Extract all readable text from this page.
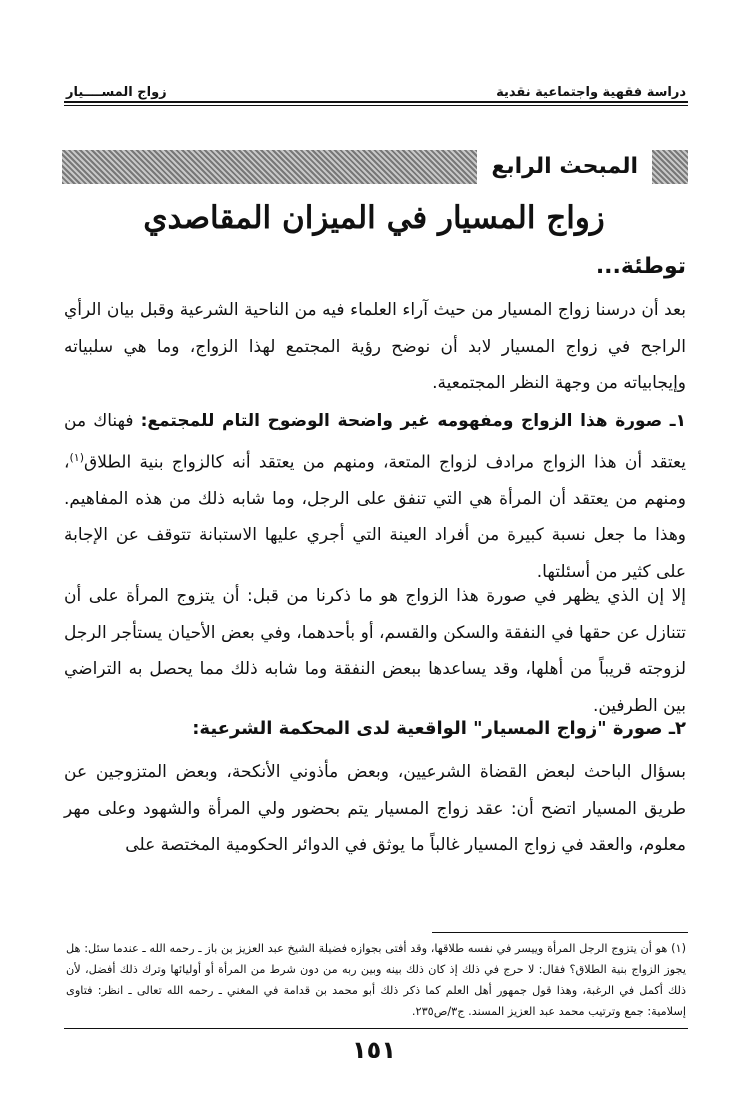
دراسة فقهية واجتماعية نقدية
زواج المســــيار
المبحث الرابع
زواج المسيار في الميزان المقاصدي
توطئة...
بعد أن درسنا زواج المسيار من حيث آراء العلماء فيه من الناحية الشرعية وقبل بيان الرأي الراجح في زواج المسيار لابد أن نوضح رؤية المجتمع لهذا الزواج، وما هي سلبياته وإيجابياته من وجهة النظر المجتمعية.
١ـ صورة هذا الزواج ومفهومه غير واضحة الوضوح التام للمجتمع: فهناك من يعتقد أن هذا الزواج مرادف لزواج المتعة، ومنهم من يعتقد أنه كالزواج بنية الطلاق$^{(١)}$، ومنهم من يعتقد أن المرأة هي التي تنفق على الرجل، وما شابه ذلك من هذه المفاهيم. وهذا ما جعل نسبة كبيرة من أفراد العينة التي أجري عليها الاستبانة تتوقف عن الإجابة على كثير من أسئلتها.
إلا إن الذي يظهر في صورة هذا الزواج هو ما ذكرنا من قبل: أن يتزوج المرأة على أن تتنازل عن حقها في النفقة والسكن والقسم، أو بأحدهما، وفي بعض الأحيان يستأجر الرجل لزوجته قريباً من أهلها، وقد يساعدها ببعض النفقة وما شابه ذلك مما يحصل به التراضي بين الطرفين.
٢ـ صورة "زواج المسيار" الواقعية لدى المحكمة الشرعية:
بسؤال الباحث لبعض القضاة الشرعيين، وبعض مأذوني الأنكحة، وبعض المتزوجين عن طريق المسيار اتضح أن: عقد زواج المسيار يتم بحضور ولي المرأة والشهود وعلى مهر معلوم، والعقد في زواج المسيار غالباً ما يوثق في الدوائر الحكومية المختصة على
(١) هو أن يتزوج الرجل المرأة وييسر في نفسه طلاقها، وقد أفتى بجوازه فضيلة الشيخ عبد العزيز بن باز ـ رحمه الله ـ عندما سئل: هل يجوز الزواج بنية الطلاق؟ فقال: لا حرج في ذلك إذ كان ذلك بينه وبين ربه من دون شرط من المرأة أو أوليائها وترك ذلك أفضل، لأن ذلك أكمل في الرغبة، وهذا قول جمهور أهل العلم كما ذكر ذلك أبو محمد بن قدامة في المغني ـ رحمه الله تعالى ـ انظر: فتاوى إسلامية: جمع وترتيب محمد عبد العزيز المسند. ج٣/ص٢٣٥.
١٥١
